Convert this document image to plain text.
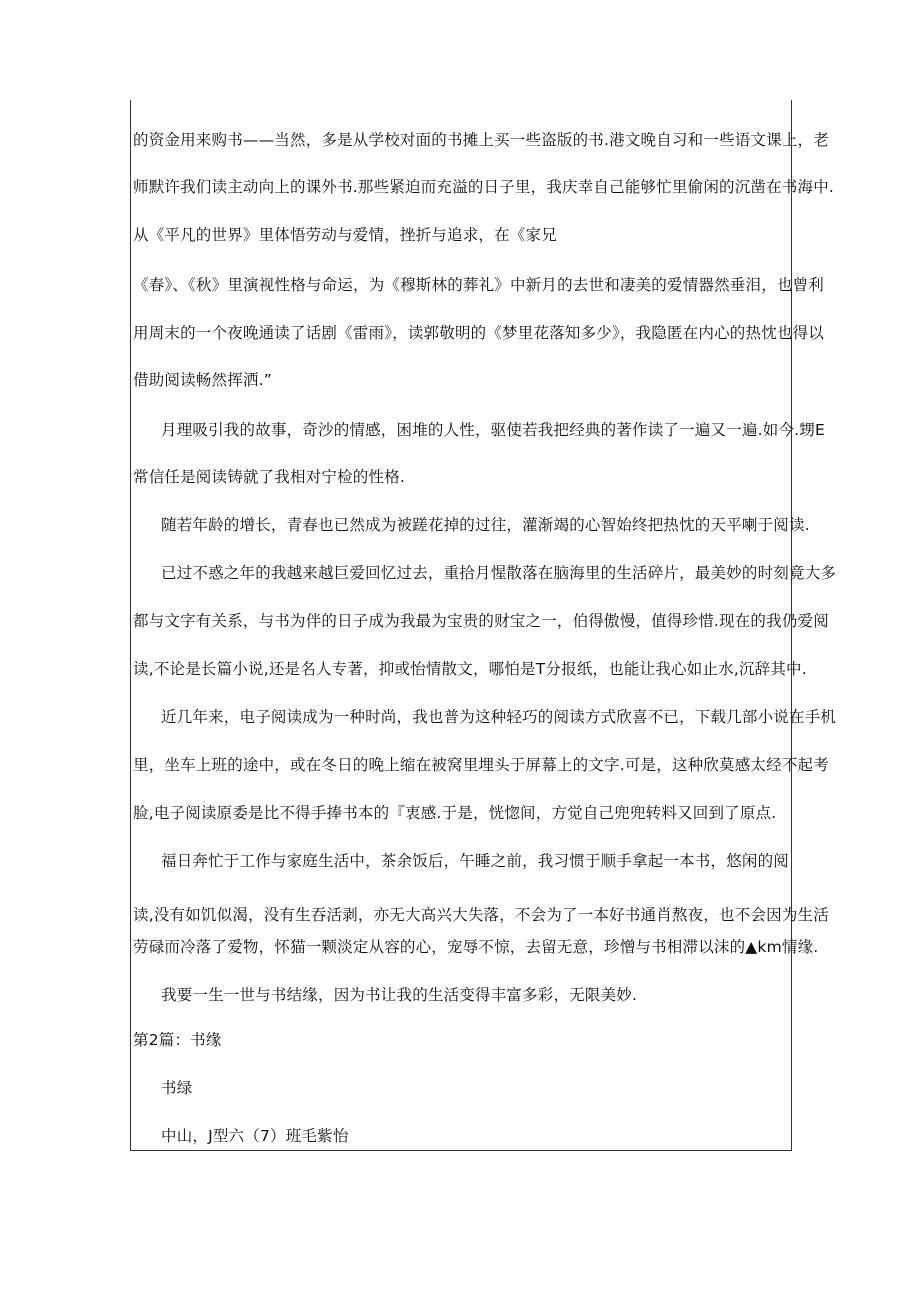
的资金用来购书——当然，多是从学校对面的书摊上买一些盗版的书.港文晚自习和一些语文课上，老
师默许我们读主动向上的课外书.那些紧迫而充溢的日子里，我庆幸自己能够忙里偷闲的沉凿在书海中.
从《平凡的世界》里体悟劳动与爱情，挫折与追求，在《家兄
《春》、《秋》里演视性格与命运，为《穆斯林的葬礼》中新月的去世和凄美的爱情器然垂泪，也曾利
用周末的一个夜晚通读了话剧《雷雨》，读郭敬明的《梦里花落知多少》，我隐匿在内心的热忱也得以
借助阅读畅然挥洒.”
月理吸引我的故事，奇沙的情感，困堆的人性，驱使若我把经典的著作读了一遍又一遍.如今.甥E
常信任是阅读铸就了我相对宁检的性格.
随若年龄的增长，青春也已然成为被蹉花掉的过往，灌渐竭的心智始终把热忱的天平喇于阅读.
已过不惑之年的我越来越巨爱回忆过去，重拾月惺散落在脑海里的生活碎片，最美妙的时刻竟大多
都与文字有关系，与书为伴的日子成为我最为宝贵的财宝之一，伯得傲慢，值得珍惜.现在的我仍爱阅
读,不论是长篇小说,还是名人专著，抑或怡情散文，哪怕是T分报纸，也能让我心如止水,沉辞其中.
近几年来，电子阅读成为一种时尚，我也普为这种轻巧的阅读方式欣喜不已，下载几部小说在手机
里，坐车上班的途中，或在冬日的晚上缩在被窝里埋头于屏幕上的文字.可是，这种欣莫感太经不起考
脸,电子阅读原委是比不得手捧书本的『衷感.于是，恍惚间，方觉自己兜兜转料又回到了原点.
福日奔忙于工作与家庭生活中，茶余饭后，午睡之前，我习惯于顺手拿起一本书，悠闲的阅
读,没有如饥似渴，没有生吞活剥，亦无大高兴大失落，不会为了一本好书通肖熬夜，也不会因为生活
劳碌而冷落了爱物，怀猫一颗淡定从容的心，宠辱不惊，去留无意，珍憎与书相滞以沫的▲km情缘.
我要一生一世与书结缘，因为书让我的生活变得丰富多彩，无限美妙.
第2篇：书缘
书绿
中山，J型六（7）班毛紫怡
